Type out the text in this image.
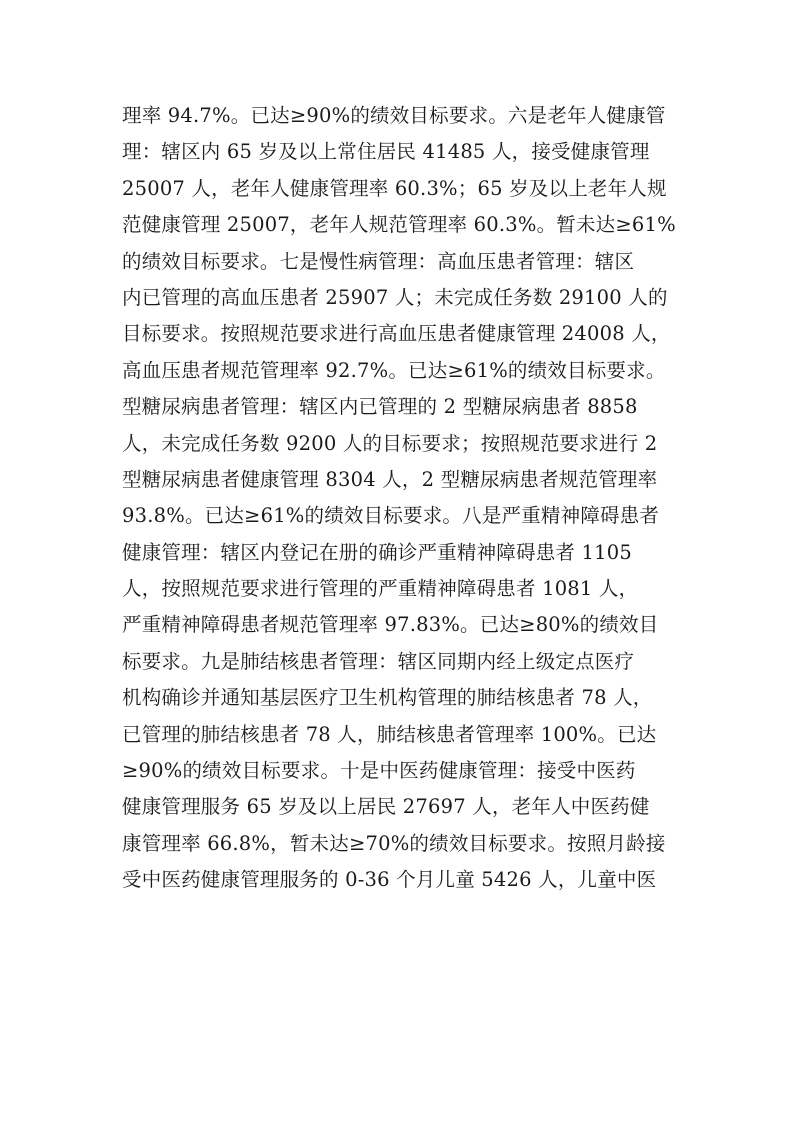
理率 94.7%。已达≥90%的绩效目标要求。六是老年人健康管
理：辖区内 65 岁及以上常住居民 41485 人，接受健康管理
25007 人，老年人健康管理率 60.3%；65 岁及以上老年人规
范健康管理 25007，老年人规范管理率 60.3%。暂未达≥61%
的绩效目标要求。七是慢性病管理：高血压患者管理：辖区
内已管理的高血压患者 25907 人；未完成任务数 29100 人的
目标要求。按照规范要求进行高血压患者健康管理 24008 人，
高血压患者规范管理率 92.7%。已达≥61%的绩效目标要求。
型糖尿病患者管理：辖区内已管理的 2 型糖尿病患者 8858
人，未完成任务数 9200 人的目标要求；按照规范要求进行 2
型糖尿病患者健康管理 8304 人，2 型糖尿病患者规范管理率
93.8%。已达≥61%的绩效目标要求。八是严重精神障碍患者
健康管理：辖区内登记在册的确诊严重精神障碍患者 1105
人，按照规范要求进行管理的严重精神障碍患者 1081 人，
严重精神障碍患者规范管理率 97.83%。已达≥80%的绩效目
标要求。九是肺结核患者管理：辖区同期内经上级定点医疗
机构确诊并通知基层医疗卫生机构管理的肺结核患者 78 人，
已管理的肺结核患者 78 人，肺结核患者管理率 100%。已达
≥90%的绩效目标要求。十是中医药健康管理：接受中医药
健康管理服务 65 岁及以上居民 27697 人，老年人中医药健
康管理率 66.8%，暂未达≥70%的绩效目标要求。按照月龄接
受中医药健康管理服务的 0-36 个月儿童 5426 人，儿童中医
